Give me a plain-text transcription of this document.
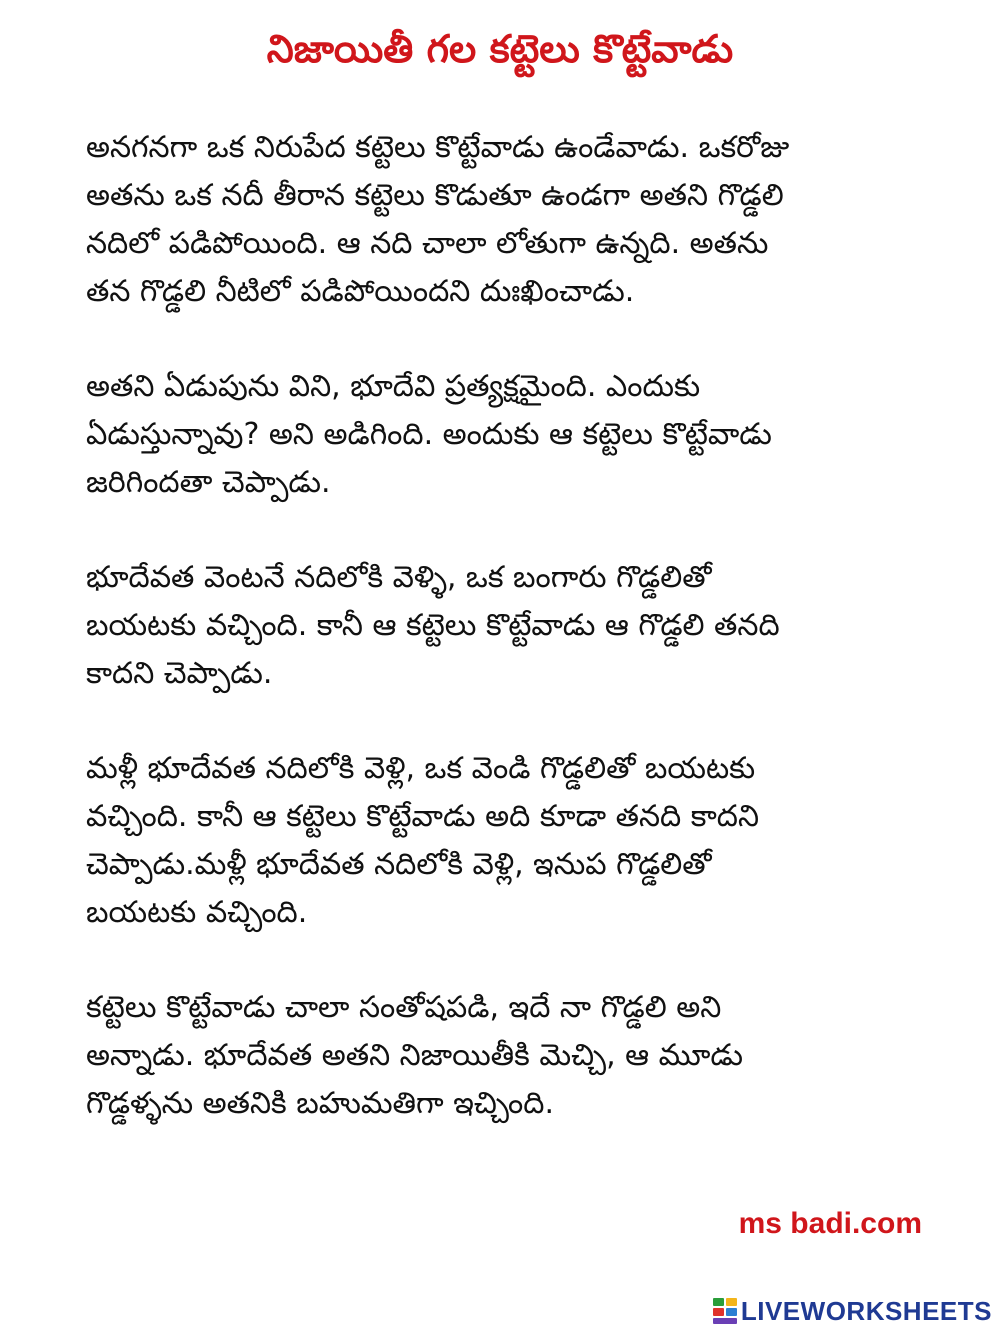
నిజాయితీ గల కట్టెలు కొట్టేవాడు
అనగనగా ఒక నిరుపేద కట్టెలు కొట్టేవాడు ఉండేవాడు. ఒకరోజు
అతను ఒక నదీ తీరాన కట్టెలు కొడుతూ ఉండగా అతని గొడ్డలి
నదిలో పడిపోయింది. ఆ నది చాలా లోతుగా ఉన్నది. అతను
తన గొడ్డలి నీటిలో పడిపోయిందని దుఃఖించాడు.
అతని ఏడుపును విని, భూదేవి ప్రత్యక్షమైంది. ఎందుకు
ఏడుస్తున్నావు? అని అడిగింది. అందుకు ఆ కట్టెలు కొట్టేవాడు
జరిగిందతా చెప్పాడు.
భూదేవత వెంటనే నదిలోకి వెళ్ళి, ఒక బంగారు గొడ్డలితో
బయటకు వచ్చింది. కానీ ఆ కట్టెలు కొట్టేవాడు ఆ గొడ్డలి తనది
కాదని చెప్పాడు.
మళ్లీ భూదేవత నదిలోకి వెళ్లి, ఒక వెండి గొడ్డలితో బయటకు
వచ్చింది. కానీ ఆ కట్టెలు కొట్టేవాడు అది కూడా తనది కాదని
చెప్పాడు.మళ్లీ భూదేవత నదిలోకి వెళ్లి, ఇనుప గొడ్డలితో
బయటకు వచ్చింది.
కట్టెలు కొట్టేవాడు చాలా సంతోషపడి, ఇదే నా గొడ్డలి అని
అన్నాడు. భూదేవత అతని నిజాయితీకి మెచ్చి, ఆ మూడు
గొడ్డళ్ళను అతనికి బహుమతిగా ఇచ్చింది.
ms badi.com
LIVEWORKSHEETS
